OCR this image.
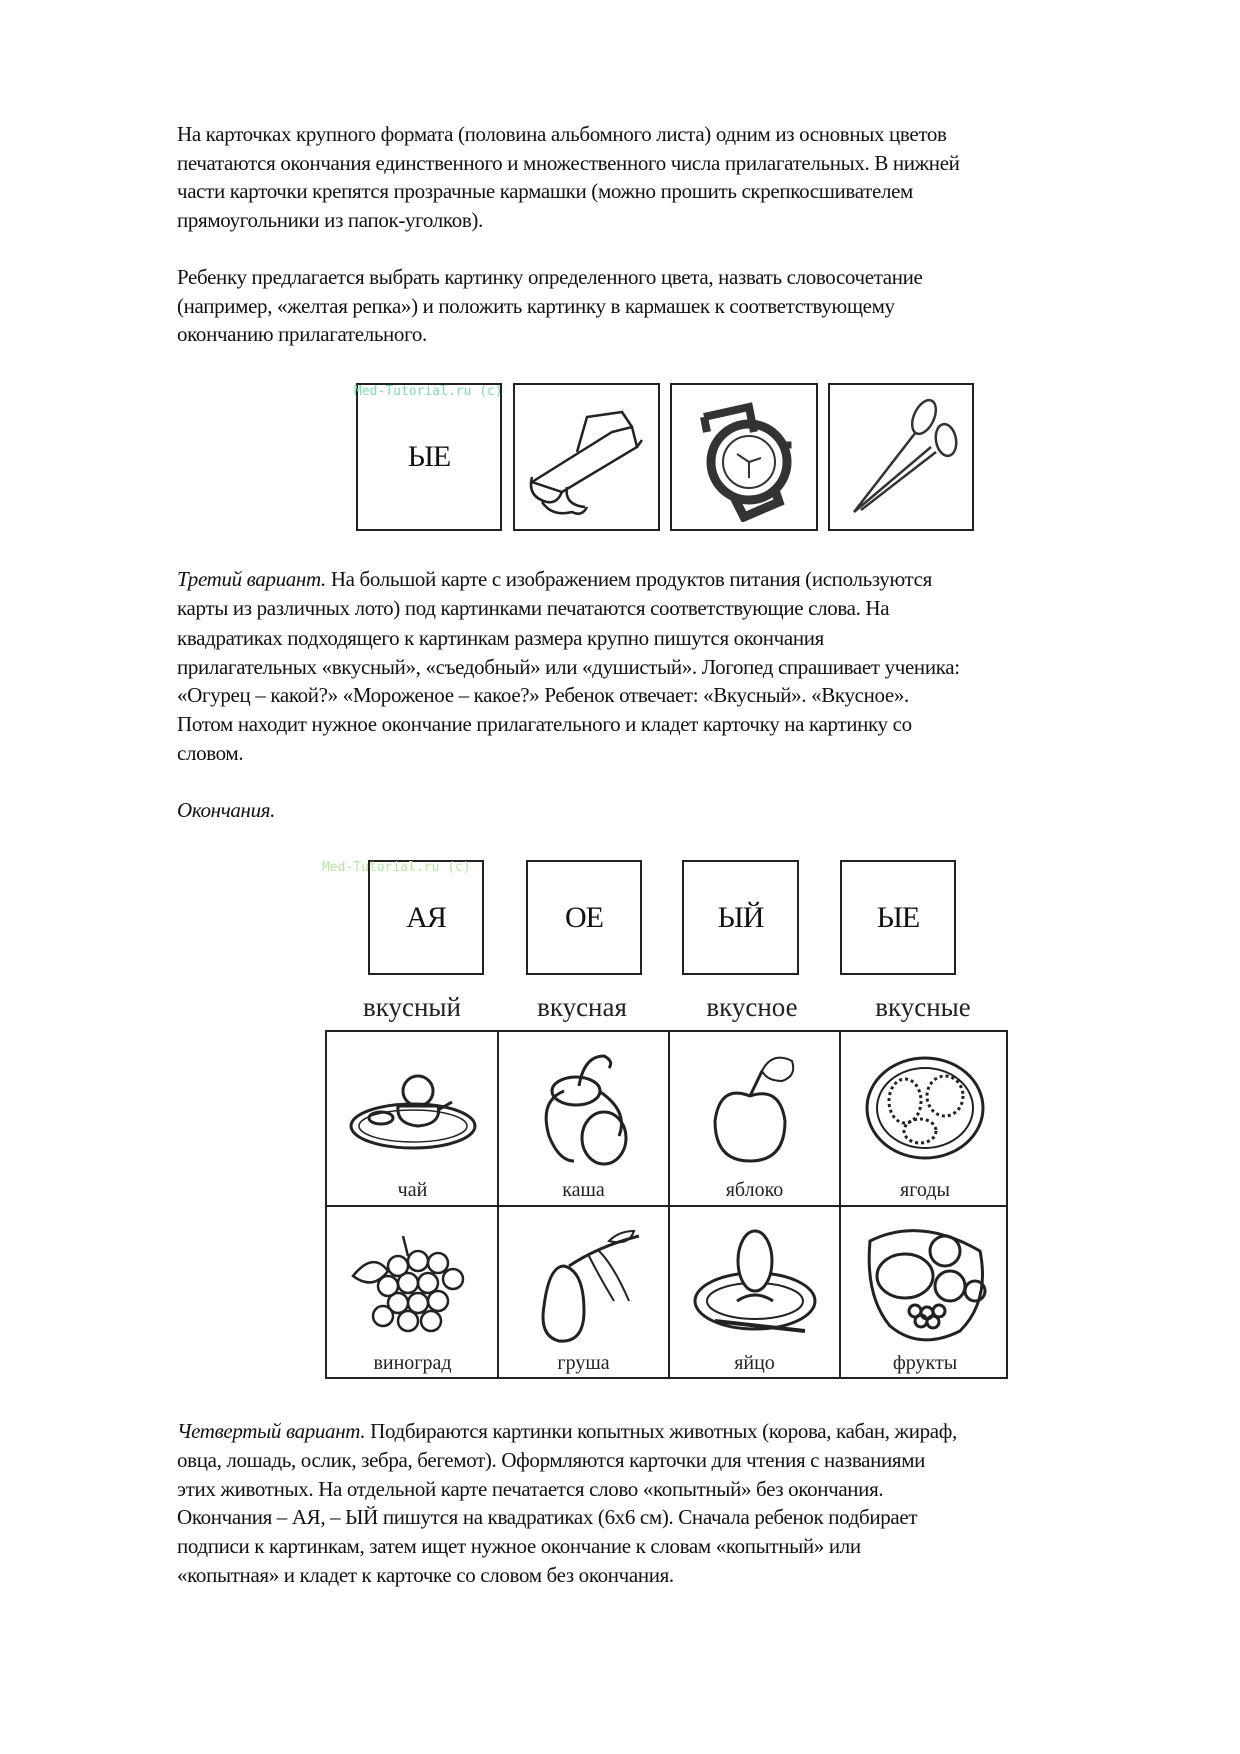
На карточках крупного формата (половина альбомного листа) одним из основных цветов
печатаются окончания единственного и множественного числа прилагательных. В нижней
части карточки крепятся прозрачные кармашки (можно прошить скрепкосшивателем
прямоугольники из папок-уголков).
Ребенку предлагается выбрать картинку определенного цвета, назвать словосочетание
(например, «желтая репка») и положить картинку в кармашек к соответствующему
окончанию прилагательного.
Med-Tutorial.ru (c)
ЫЕ
Третий вариант. На большой карте с изображением продуктов питания (используются
карты из различных лото) под картинками печатаются соответствующие слова. На
квадратиках подходящего к картинкам размера крупно пишутся окончания
прилагательных «вкусный», «съедобный» или «душистый». Логопед спрашивает ученика:
«Огурец – какой?» «Мороженое – какое?» Ребенок отвечает: «Вкусный». «Вкусное».
Потом находит нужное окончание прилагательного и кладет карточку на картинку со
словом.
Окончания.
Med-Tutorial.ru (c)
АЯ	ОЕ	ЫЙ	ЫЕ
вкусный	вкусная	вкусное	вкусные
чай	каша	яблоко	ягоды
виноград	груша	яйцо	фрукты
Четвертый вариант. Подбираются картинки копытных животных (корова, кабан, жираф,
овца, лошадь, ослик, зебра, бегемот). Оформляются карточки для чтения с названиями
этих животных. На отдельной карте печатается слово «копытный» без окончания.
Окончания – АЯ, – ЫЙ пишутся на квадратиках (6х6 см). Сначала ребенок подбирает
подписи к картинкам, затем ищет нужное окончание к словам «копытный» или
«копытная» и кладет к карточке со словом без окончания.
